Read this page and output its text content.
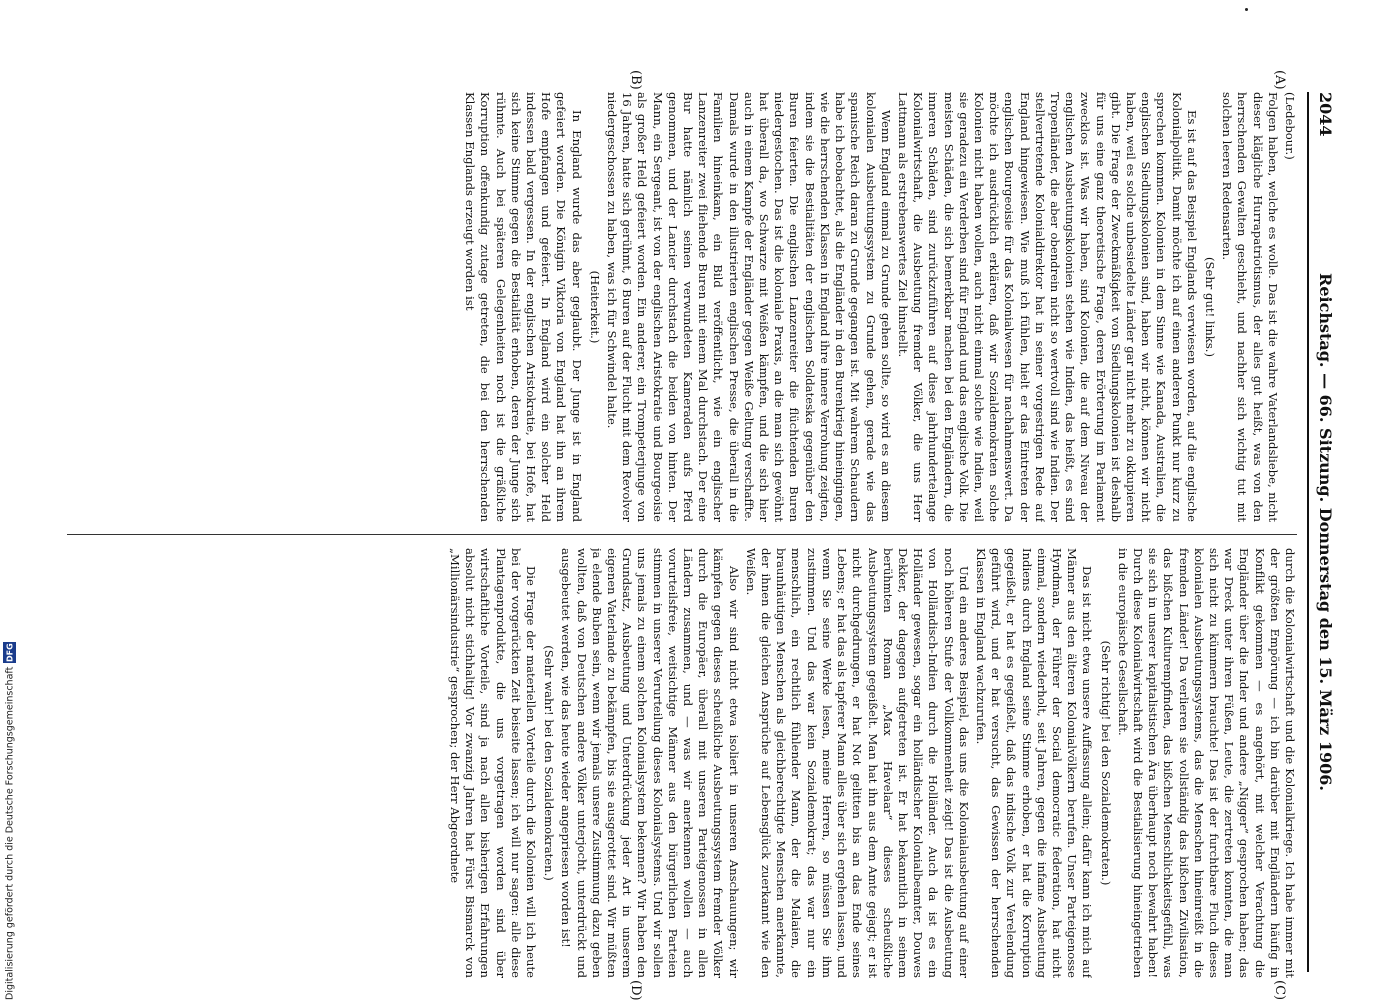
2044
Reichstag. — 66. Sitzung. Donnerstag den 15. März 1906.
(A)
(B)
(C)
(D)

(Ledebour.)

Folgen haben, welche es wolle. Das ist die wahre Vaterlandsliebe, nicht dieser klägliche Hurrapatriotismus, der alles gut heißt, was von den herrschenden Gewalten geschieht, und nachher sich wichtig tut mit solchen leeren Redensarten.

(Sehr gut! links.)

Es ist auf das Beispiel Englands verwiesen worden, auf die englische Kolonialpolitik. Damit möchte ich auf einen anderen Punkt nur kurz zu sprechen kommen. Kolonien in dem Sinne wie Kanada, Australien, die englischen Siedlungskolonien sind, haben wir nicht, können wir nicht haben, weil es solche unbesiedelte Länder gar nicht mehr zu okkupieren gibt. Die Frage der Zweckmäßigkeit von Siedlungskolonien ist deshalb für uns eine ganz theoretische Frage, deren Erörterung im Parlament zwecklos ist. Was wir haben, sind Kolonien, die auf dem Niveau der englischen Ausbeutungskolonien stehen wie Indien, das heißt, es sind Tropenländer, die aber obendrein nicht so wertvoll sind wie Indien. Der stellvertretende Kolonialdirektor hat in seiner vorgestrigen Rede auf England hingewiesen. Wie muß ich fühlen, hielt er das Eintreten der englischen Bourgeoisie für das Kolonialwesen für nachahmenswert. Da möchte ich ausdrücklich erklären, daß wir Sozialdemokraten solche Kolonien nicht haben wollen, auch nicht einmal solche wie Indien, weil sie geradezu ein Verderben sind für England und das englische Volk. Die meisten Schäden, die sich bemerkbar machen bei den Engländern, die inneren Schäden, sind zurückzuführen auf diese jahrhundertelange Kolonialwirtschaft, die Ausbeutung fremder Völker, die uns Herr Lattmann als erstrebenswertes Ziel hinstellt.

Wenn England einmal zu Grunde gehen sollte, so wird es an diesem kolonialen Ausbeutungssystem zu Grunde gehen, gerade wie das spanische Reich daran zu Grunde gegangen ist. Mit wahrem Schaudern habe ich beobachtet, als die Engländer in den Burenkrieg hineingingen, wie die herrschenden Klassen in England ihre innere Verrohung zeigten, indem sie die Bestialitäten der englischen Soldateska gegenüber den Buren feierten. Die englischen Lanzenreiter die flüchtenden Buren niedergestochen. Das ist die koloniale Praxis, an die man sich gewöhnt hat überall da, wo Schwarze mit Weißen kämpfen, und die sich hier auch in einem Kampfe der Engländer gegen Weiße Geltung verschaffte. Damals wurde in den illustrierten englischen Presse, die überall in die Familien hineinkam, ein Bild veröffentlicht, wie ein englischer Lanzenreiter zwei fliehende Buren mit einem Mal durchstach. Der eine Bur hatte nämlich seinen verwundeten Kameraden aufs Pferd genommen, und der Lancier durchstach die beiden von hinten. Der Mann, ein Sergeant, ist von der englischen Aristokratie und Bourgeoisie als großer Held gefeiert worden. Ein anderer, ein Trompeterjunge von 16 Jahren, hatte sich gerühmt, 6 Buren auf der Flucht mit dem Revolver niedergeschossen zu haben, was ich für Schwindel halte.

(Heiterkeit.)

In England wurde das aber geglaubt. Der Junge ist in England gefeiert worden. Die Königin Viktoria von England hat ihn an ihrem Hofe empfangen und gefeiert. In England wird ein solcher Held indessen bald vergessen. In der englischen Aristokratie, bei Hofe, hat sich keine Stimme gegen die Bestialität erhoben, deren der Junge sich rühmte. Auch bei späteren Gelegenheiten noch ist die gräßliche Korruption offenkundig zutage getreten, die bei den herrschenden Klassen Englands erzeugt worden ist

durch die Kolonialwirtschaft und die Kolonialkriege. Ich habe immer mit der größten Empörung — ich bin darüber mit Engländern häufig in Konflikt gekommen — es angehört, mit welcher Verachtung die Engländer über die Inder und andere „Nigger“ gesprochen haben; das war Dreck unter ihren Füßen, Leute, die zertreten konnten, die man sich nicht zu kümmern brauchte! Das ist der furchtbare Fluch dieses kolonialen Ausbeutungssystems, das die Menschen hineinreißt in die fremden Länder! Da verlieren sie vollständig das bißchen Zivilisation, das bißchen Kulturempfinden, das bißchen Menschlichkeitsgefühl, was sie sich in unserer kapitalistischen Ära überhaupt noch bewahrt haben! Durch diese Kolonialwirtschaft wird die Bestialisierung hineingetrieben in die europäische Gesellschaft.

(Sehr richtig! bei den Sozialdemokraten.)

Das ist nicht etwa unsere Auffassung allein; dafür kann ich mich auf Männer aus den älteren Kolonialvölkern berufen. Unser Parteigenosse Hyndman, der Führer der Social democratic federation, hat nicht einmal, sondern wiederholt, seit Jahren, gegen die infame Ausbeutung Indiens durch England seine Stimme erhoben, er hat die Korruption gegeißelt, er hat es gegeißelt, daß das indische Volk zur Verelendung geführt wird, und er hat versucht, das Gewissen der herrschenden Klassen in England wachzurufen.

Und ein anderes Beispiel, das uns die Kolonialausbeutung auf einer noch höheren Stufe der Vollkommenheit zeigt! Das ist die Ausbeutung von Holländisch-Indien durch die Holländer. Auch da ist es ein Holländer gewesen, sogar ein holländischer Kolonialbeamter, Douwes Dekker, der dagegen aufgetreten ist. Er hat bekanntlich in seinem berühmten Roman „Max Havelaar“ dieses scheußliche Ausbeutungssystem gegeißelt. Man hat ihn aus dem Amte gejagt; er ist nicht durchgedrungen, er hat Not gelitten bis an das Ende seines Lebens; er hat das als tapferer Mann alles über sich ergehen lassen, und wenn Sie seine Werke lesen, meine Herren, so müssen Sie ihm zustimmen. Und das war kein Sozialdemokrat; das war nur ein menschlich, ein rechtlich fühlender Mann, der die Malaien, die braunhäutigen Menschen als gleichberechtigte Menschen anerkannte, der ihnen die gleichen Ansprüche auf Lebensglück zuerkannt wie den Weißen.

Also wir sind nicht etwa isoliert in unseren Anschauungen; wir kämpfen gegen dieses scheußliche Ausbeutungssystem fremder Völker durch die Europäer, überall mit unseren Parteigenossen in allen Ländern zusammen, und — was wir anerkennen wollen — auch vorurteilsfreie, weitsichtige Männer aus den bürgerlichen Parteien stimmen in unserer Verurteilung dieses Kolonialsystems. Und wir sollen uns jemals zu einem solchen Kolonialsystem bekennen? Wir haben den Grundsatz, Ausbeutung und Unterdrückung jeder Art in unserem eigenen Vaterlande zu bekämpfen, bis sie ausgerottet sind. Wir müßten ja elende Buben sein, wenn wir jemals unsere Zustimmung dazu geben wollten, daß von Deutschen andere Völker unterjocht, unterdrückt und ausgebeutet werden, wie das heute wieder angepriesen worden ist!

(Sehr wahr! bei den Sozialdemokraten.)

Die Frage der materiellen Vorteile durch die Kolonien will ich heute bei der vorgerückten Zeit beiseite lassen; ich will nur sagen: alle diese Plantagenprodukte, die uns vorgetragen worden sind über wirtschaftliche Vorteile, sind ja nach allen bisherigen Erfahrungen absolut nicht stichhaltig! Vor zwanzig Jahren hat Fürst Bismarck von „Millionärsindustrie“ gesprochen; der Herr Abgeordnete

Digitalisierung gefördert durch die Deutsche Forschungsgemeinschaft
DFG
